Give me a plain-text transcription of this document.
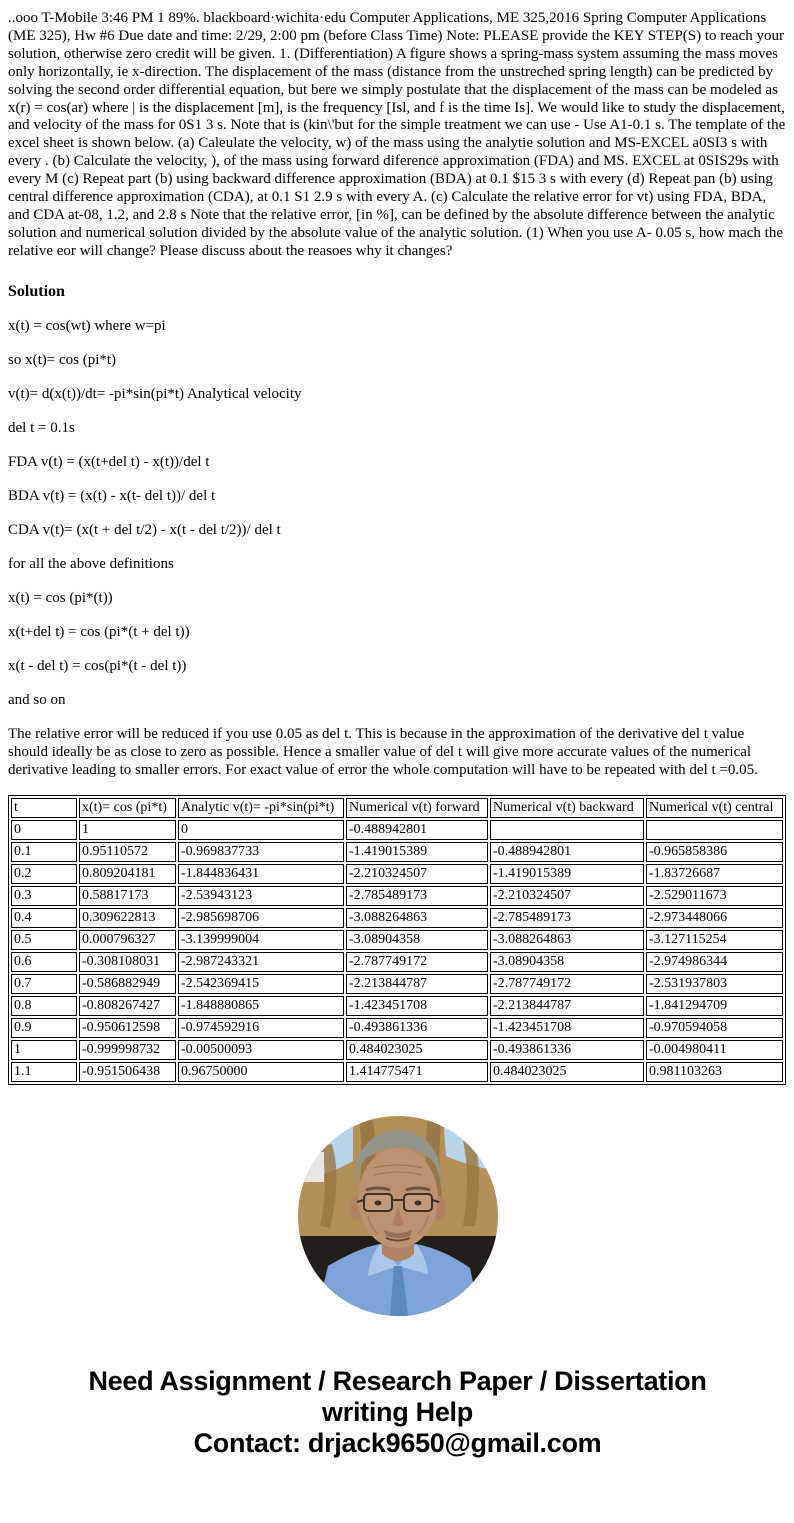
..ooo T-Mobile 3:46 PM 1 89%. blackboard·wichita·edu Computer Applications, ME 325,2016 Spring Computer Applications (ME 325), Hw #6 Due date and time: 2/29, 2:00 pm (before Class Time) Note: PLEASE provide the KEY STEP(S) to reach your solution, otherwise zero credit will be given. 1. (Differentiation) A figure shows a spring-mass system assuming the mass moves only horizontally, ie x-direction. The displacement of the mass (distance from the unstreched spring length) can be predicted by solving the second order differential equation, but bere we simply postulate that the displacement of the mass can be modeled as x(r) = cos(ar) where | is the displacement [m], is the frequency [Isl, and f is the time Is]. We would like to study the displacement, and velocity of the mass for 0S1 3 s. Note that is (kin\'but for the simple treatment we can use - Use A1-0.1 s. The template of the excel sheet is shown below. (a) Caleulate the velocity, w) of the mass using the analytie solution and MS-EXCEL a0SI3 s with every . (b) Calculate the velocity, ), of the mass using forward diference approximation (FDA) and MS. EXCEL at 0SIS29s with every M (c) Repeat part (b) using backward difference approximation (BDA) at 0.1 $15 3 s with every (d) Repeat pan (b) using central difference approximation (CDA), at 0.1 S1 2.9 s with every A. (c) Calculate the relative error for vt) using FDA, BDA, and CDA at-08, 1.2, and 2.8 s Note that the relative error, [in %], can be defined by the absolute difference between the analytic solution and numerical solution divided by the absolute value of the analytic solution. (1) When you use A- 0.05 s, how mach the relative eor will change? Please discuss about the reasoes why it changes?

Solution

x(t) = cos(wt) where w=pi

so x(t)= cos (pi*t)

v(t)= d(x(t))/dt= -pi*sin(pi*t) Analytical velocity

del t = 0.1s

FDA v(t) = (x(t+del t) - x(t))/del t

BDA v(t) = (x(t) - x(t- del t))/ del t

CDA v(t)= (x(t + del t/2) - x(t - del t/2))/ del t

for all the above definitions

x(t) = cos (pi*(t))

x(t+del t) = cos (pi*(t + del t))

x(t - del t) = cos(pi*(t - del t))

and so on

The relative error will be reduced if you use 0.05 as del t. This is because in the approximation of the derivative del t value should ideally be as close to zero as possible. Hence a smaller value of del t will give more accurate values of the numerical derivative leading to smaller errors. For exact value of error the whole computation will have to be repeated with del t =0.05.

t	x(t)= cos (pi*t)	Analytic v(t)= -pi*sin(pi*t)	Numerical v(t) forward	Numerical v(t) backward	Numerical v(t) central
0	1	0	-0.488942801		
0.1	0.95110572	-0.969837733	-1.419015389	-0.488942801	-0.965858386
0.2	0.809204181	-1.844836431	-2.210324507	-1.419015389	-1.83726687
0.3	0.58817173	-2.53943123	-2.785489173	-2.210324507	-2.529011673
0.4	0.309622813	-2.985698706	-3.088264863	-2.785489173	-2.973448066
0.5	0.000796327	-3.139999004	-3.08904358	-3.088264863	-3.127115254
0.6	-0.308108031	-2.987243321	-2.787749172	-3.08904358	-2.974986344
0.7	-0.586882949	-2.542369415	-2.213844787	-2.787749172	-2.531937803
0.8	-0.808267427	-1.848880865	-1.423451708	-2.213844787	-1.841294709
0.9	-0.950612598	-0.974592916	-0.493861336	-1.423451708	-0.970594058
1	-0.999998732	-0.00500093	0.484023025	-0.493861336	-0.004980411
1.1	-0.951506438	0.96750000	1.414775471	0.484023025	0.981103263
Need Assignment / Research Paper / Dissertation
writing Help
Contact: drjack9650@gmail.com
